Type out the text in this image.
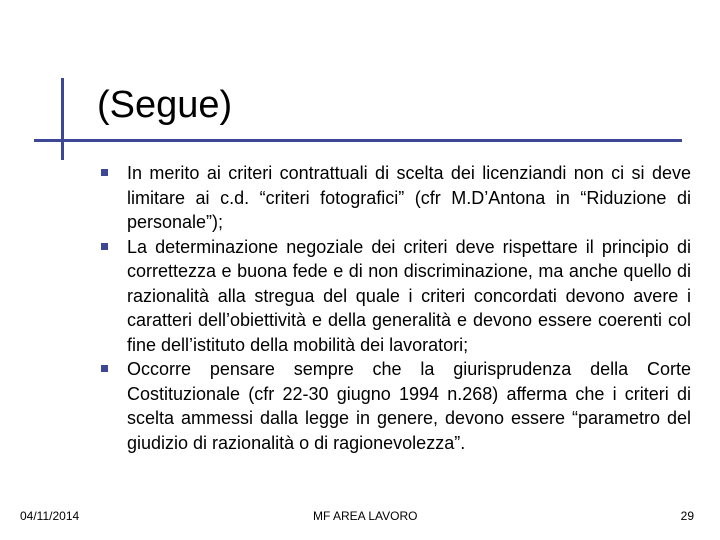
(Segue)
In merito ai criteri contrattuali di scelta dei licenziandi non ci si deve limitare ai c.d. “criteri fotografici” (cfr M.D’Antona in “Riduzione di personale”);
La determinazione negoziale dei criteri deve rispettare il principio di correttezza e buona fede e di non discriminazione, ma anche quello di razionalità alla stregua del quale i criteri concordati devono avere i caratteri dell’obiettività e della generalità e devono essere coerenti col fine dell’istituto della mobilità dei lavoratori;
Occorre pensare sempre che la giurisprudenza della Corte Costituzionale (cfr 22-30 giugno 1994 n.268) afferma che i criteri di scelta ammessi dalla legge in genere, devono essere “parametro del giudizio di razionalità o di ragionevolezza”.
04/11/2014	MF AREA LAVORO	29
